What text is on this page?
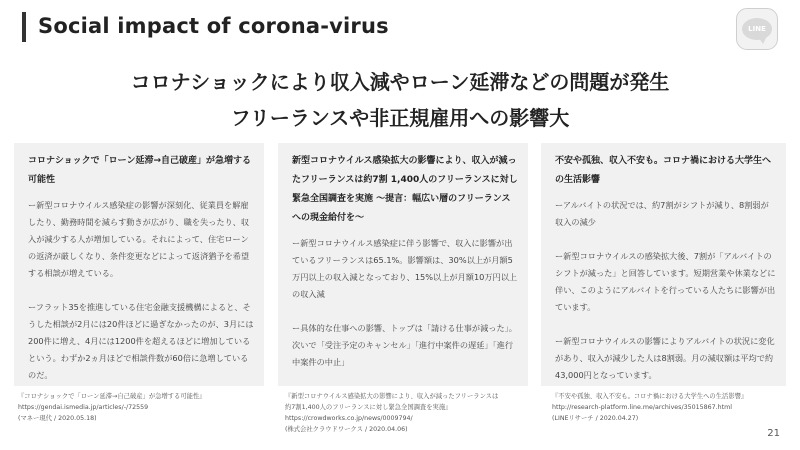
Social impact of corona-virus	LINE
コロナショックにより収入減やローン延滞などの問題が発生
フリーランスや非正規雇用への影響大
コロナショックで「ローン延滞→自己破産」が急増する可能性

ー新型コロナウイルス感染症の影響が深刻化、従業員を解雇したり、勤務時間を減らす動きが広がり、職を失ったり、収入が減少する人が増加している。それによって、住宅ローンの返済が厳しくなり、条件変更などによって返済猶予を希望する相談が増えている。

ーフラット35を推進している住宅金融支援機構によると、そうした相談が2月には20件ほどに過ぎなかったのが、3月には200件に増え、4月には1200件を超えるほどに増加しているという。わずか2ヵ月ほどで相談件数が60倍に急増しているのだ。

『コロナショックで「ローン延滞→自己破産」が急増する可能性』
https://gendai.ismedia.jp/articles/-/72559
(マネー現代 / 2020.05.18)
新型コロナウイルス感染拡大の影響により、収入が減ったフリーランスは約7割 1,400人のフリーランスに対し緊急全国調査を実施 〜提言：幅広い層のフリーランスへの現金給付を〜

ー新型コロナウイルス感染症に伴う影響で、収入に影響が出ているフリーランスは65.1%。影響額は、30%以上が月額5万円以上の収入減となっており、15%以上が月額10万円以上の収入減

ー具体的な仕事への影響、トップは「請ける仕事が減った」。次いで「受注予定のキャンセル」「進行中案件の遅延」「進行中案件の中止」

『新型コロナウイルス感染拡大の影響により、収入が減ったフリーランスは
約7割1,400人のフリーランスに対し緊急全国調査を実施』
https://crowdworks.co.jp/news/0009794/
(株式会社クラウドワークス / 2020.04.06)
不安や孤独、収入不安も。コロナ禍における大学生への生活影響

ーアルバイトの状況では、約7割がシフトが減り、8割弱が収入の減少

ー新型コロナウイルスの感染拡大後、7割が「アルバイトのシフトが減った」と回答しています。短期営業や休業などに伴い、このようにアルバイトを行っている人たちに影響が出ています。

ー新型コロナウイルスの影響によりアルバイトの状況に変化があり、収入が減少した人は8割弱。月の減収額は平均で約43,000円となっています。

『不安や孤独、収入不安も。コロナ禍における大学生への生活影響』
http://research-platform.line.me/archives/35015867.html
(LINEリサーチ / 2020.04.27)
21
